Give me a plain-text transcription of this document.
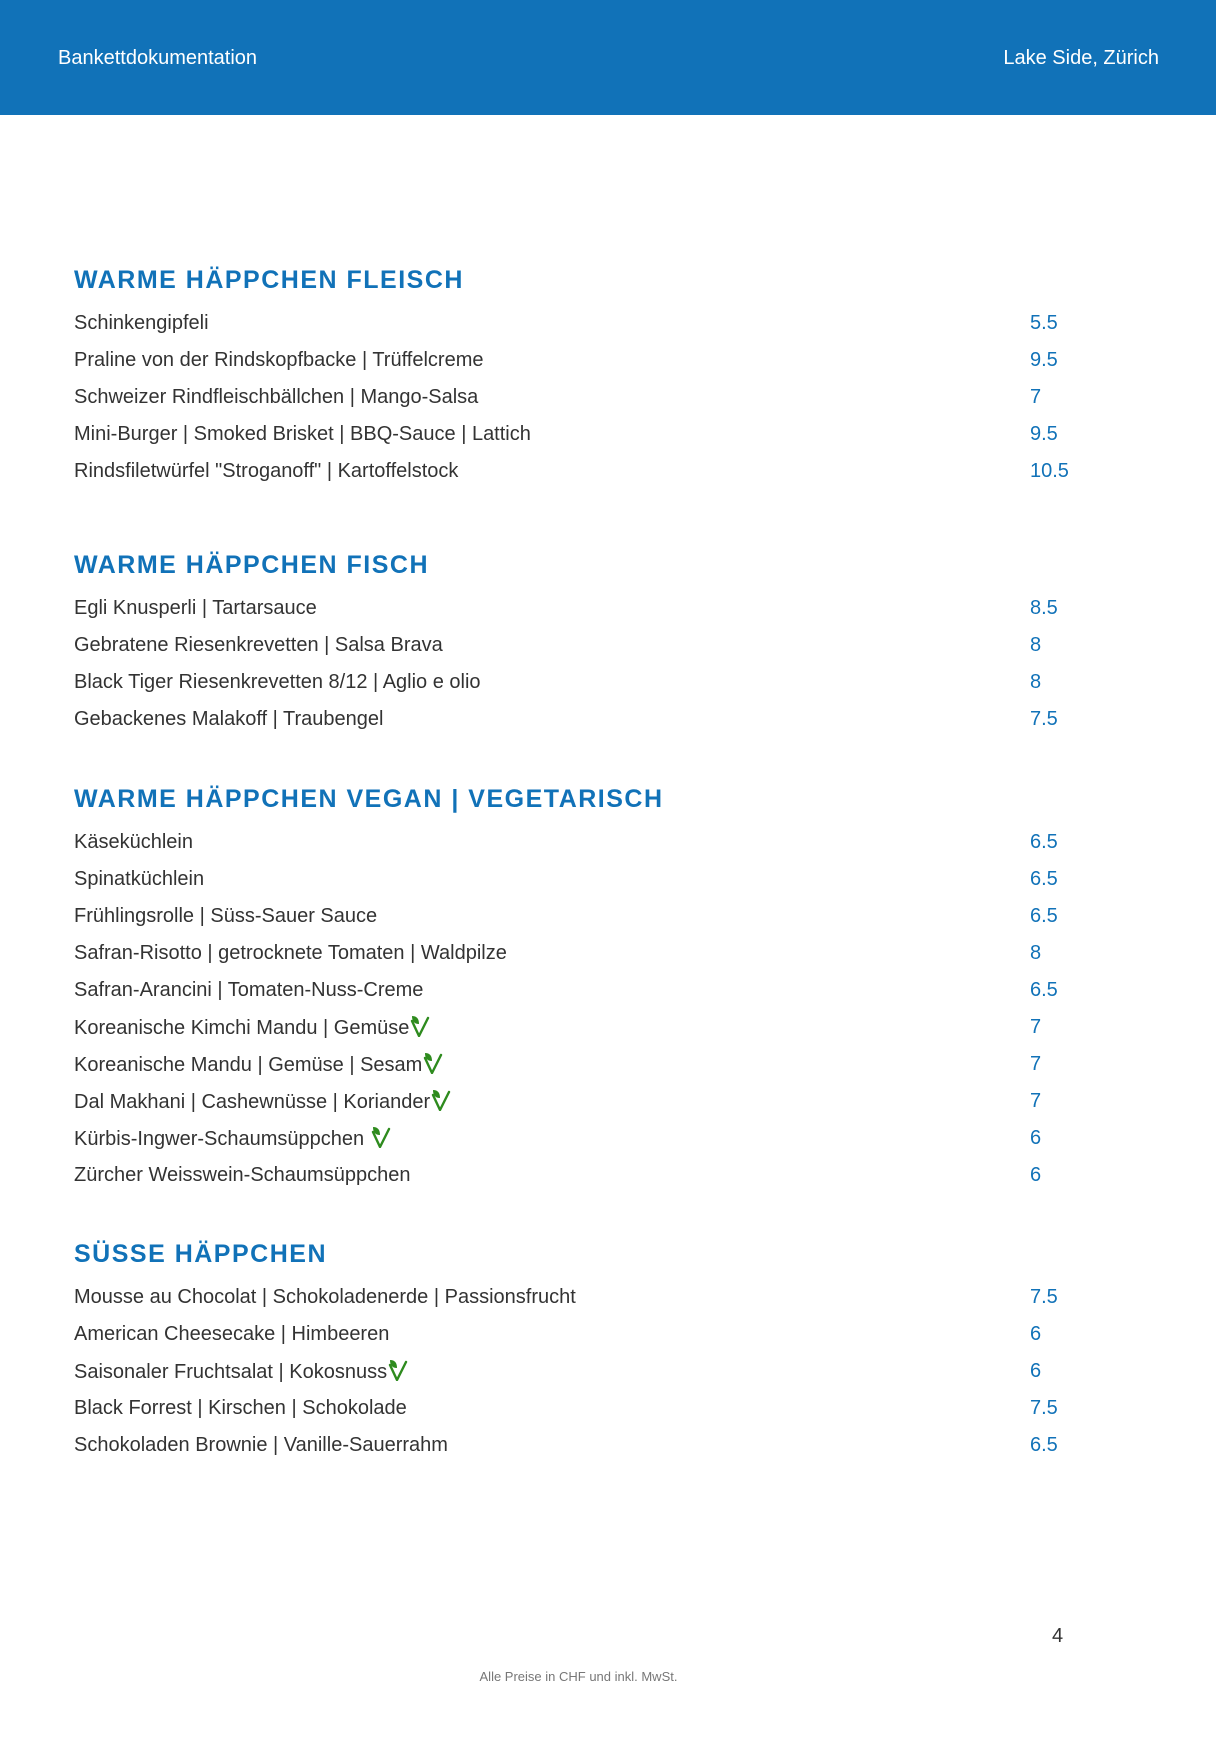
Bankettdokumentation	Lake Side, Zürich
WARME HÄPPCHEN FLEISCH
Schinkengipfeli	5.5
Praline von der Rindskopfbacke | Trüffelcreme	9.5
Schweizer Rindfleischbällchen | Mango-Salsa	7
Mini-Burger | Smoked Brisket | BBQ-Sauce | Lattich	9.5
Rindsfiletwürfel "Stroganoff" | Kartoffelstock	10.5
WARME HÄPPCHEN FISCH
Egli Knusperli | Tartarsauce	8.5
Gebratene Riesenkrevetten | Salsa Brava	8
Black Tiger Riesenkrevetten 8/12 | Aglio e olio	8
Gebackenes Malakoff | Traubengel	7.5
WARME HÄPPCHEN VEGAN | VEGETARISCH
Käseküchlein	6.5
Spinatküchlein	6.5
Frühlingsrolle | Süss-Sauer Sauce	6.5
Safran-Risotto | getrocknete Tomaten | Waldpilze	8
Safran-Arancini | Tomaten-Nuss-Creme	6.5
Koreanische Kimchi Mandu | Gemüse	7
Koreanische Mandu | Gemüse | Sesam	7
Dal Makhani | Cashewnüsse | Koriander	7
Kürbis-Ingwer-Schaumsüppchen	6
Zürcher Weisswein-Schaumsüppchen	6
SÜSSE HÄPPCHEN
Mousse au Chocolat | Schokoladenerde | Passionsfrucht	7.5
American Cheesecake | Himbeeren	6
Saisonaler Fruchtsalat | Kokosnuss	6
Black Forrest | Kirschen | Schokolade	7.5
Schokoladen Brownie | Vanille-Sauerrahm	6.5
4
Alle Preise in CHF und inkl. MwSt.
